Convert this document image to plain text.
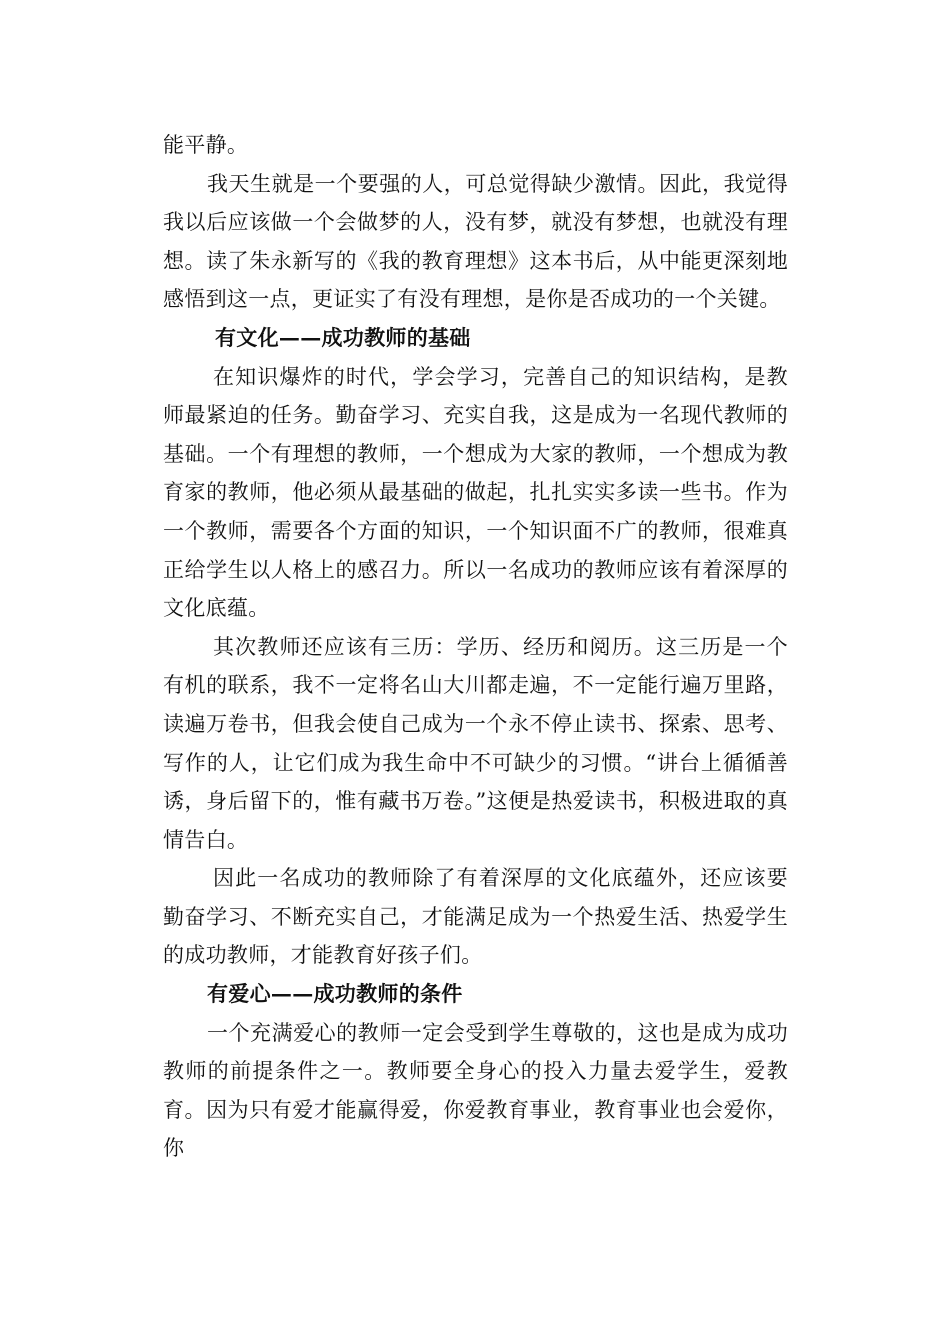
能平静。

我天生就是一个要强的人，可总觉得缺少激情。因此，我觉得我以后应该做一个会做梦的人，没有梦，就没有梦想，也就没有理想。读了朱永新写的《我的教育理想》这本书后，从中能更深刻地感悟到这一点，更证实了有没有理想，是你是否成功的一个关键。

有文化——成功教师的基础

在知识爆炸的时代，学会学习，完善自己的知识结构，是教师最紧迫的任务。勤奋学习、充实自我，这是成为一名现代教师的基础。一个有理想的教师，一个想成为大家的教师，一个想成为教育家的教师，他必须从最基础的做起，扎扎实实多读一些书。作为一个教师，需要各个方面的知识，一个知识面不广的教师，很难真正给学生以人格上的感召力。所以一名成功的教师应该有着深厚的文化底蕴。

其次教师还应该有三历：学历、经历和阅历。这三历是一个有机的联系，我不一定将名山大川都走遍，不一定能行遍万里路，读遍万卷书，但我会使自己成为一个永不停止读书、探索、思考、写作的人，让它们成为我生命中不可缺少的习惯。“讲台上循循善诱，身后留下的，惟有藏书万卷。”这便是热爱读书，积极进取的真情告白。

因此一名成功的教师除了有着深厚的文化底蕴外，还应该要勤奋学习、不断充实自己，才能满足成为一个热爱生活、热爱学生的成功教师，才能教育好孩子们。

有爱心——成功教师的条件

一个充满爱心的教师一定会受到学生尊敬的，这也是成为成功教师的前提条件之一。教师要全身心的投入力量去爱学生，爱教育。因为只有爱才能赢得爱，你爱教育事业，教育事业也会爱你，你
